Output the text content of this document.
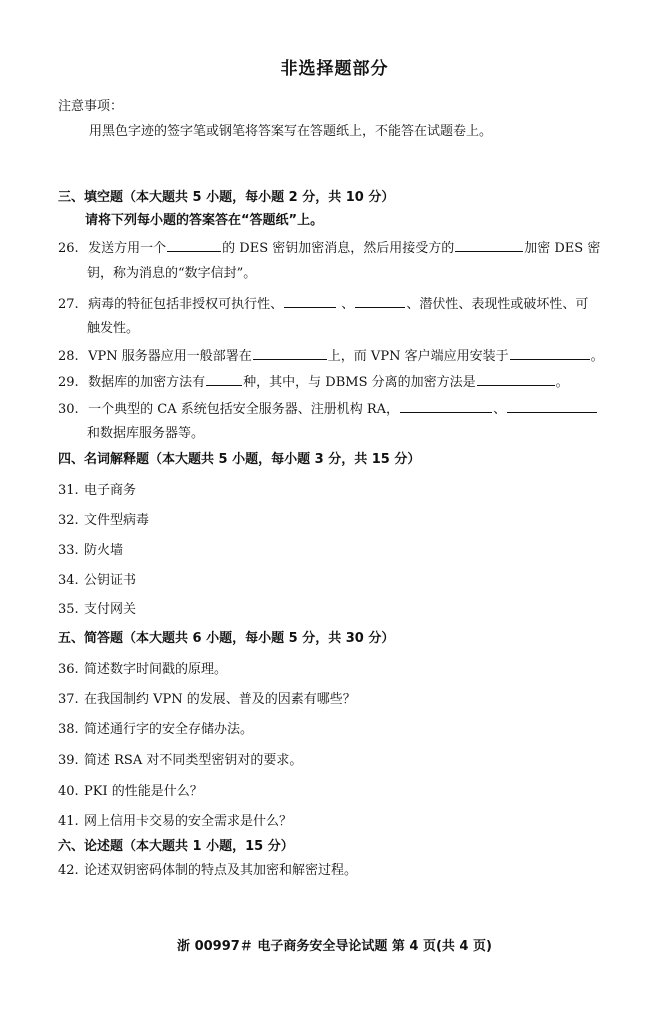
非选择题部分
注意事项：
用黑色字迹的签字笔或钢笔将答案写在答题纸上，不能答在试题卷上。
三、填空题（本大题共 5 小题，每小题 2 分，共 10 分）
请将下列每小题的答案答在“答题纸”上。
26. 发送方用一个	的 DES 密钥加密消息，然后用接受方的	加密 DES 密
钥，称为消息的“数字信封”。
27. 病毒的特征包括非授权可执行性、	、	、潜伏性、表现性或破坏性、可
触发性。
28. VPN 服务器应用一般部署在	上，而 VPN 客户端应用安装于	。
29. 数据库的加密方法有	种，其中，与 DBMS 分离的加密方法是	。
30. 一个典型的 CA 系统包括安全服务器、注册机构 RA，	、
和数据库服务器等。
四、名词解释题（本大题共 5 小题，每小题 3 分，共 15 分）
31. 电子商务
32. 文件型病毒
33. 防火墙
34. 公钥证书
35. 支付网关
五、简答题（本大题共 6 小题，每小题 5 分，共 30 分）
36. 简述数字时间戳的原理。
37. 在我国制约 VPN 的发展、普及的因素有哪些？
38. 简述通行字的安全存储办法。
39. 简述 RSA 对不同类型密钥对的要求。
40. PKI 的性能是什么？
41. 网上信用卡交易的安全需求是什么？
六、论述题（本大题共 1 小题，15 分）
42. 论述双钥密码体制的特点及其加密和解密过程。
浙 00997＃ 电子商务安全导论试题 第 4 页(共 4 页)
